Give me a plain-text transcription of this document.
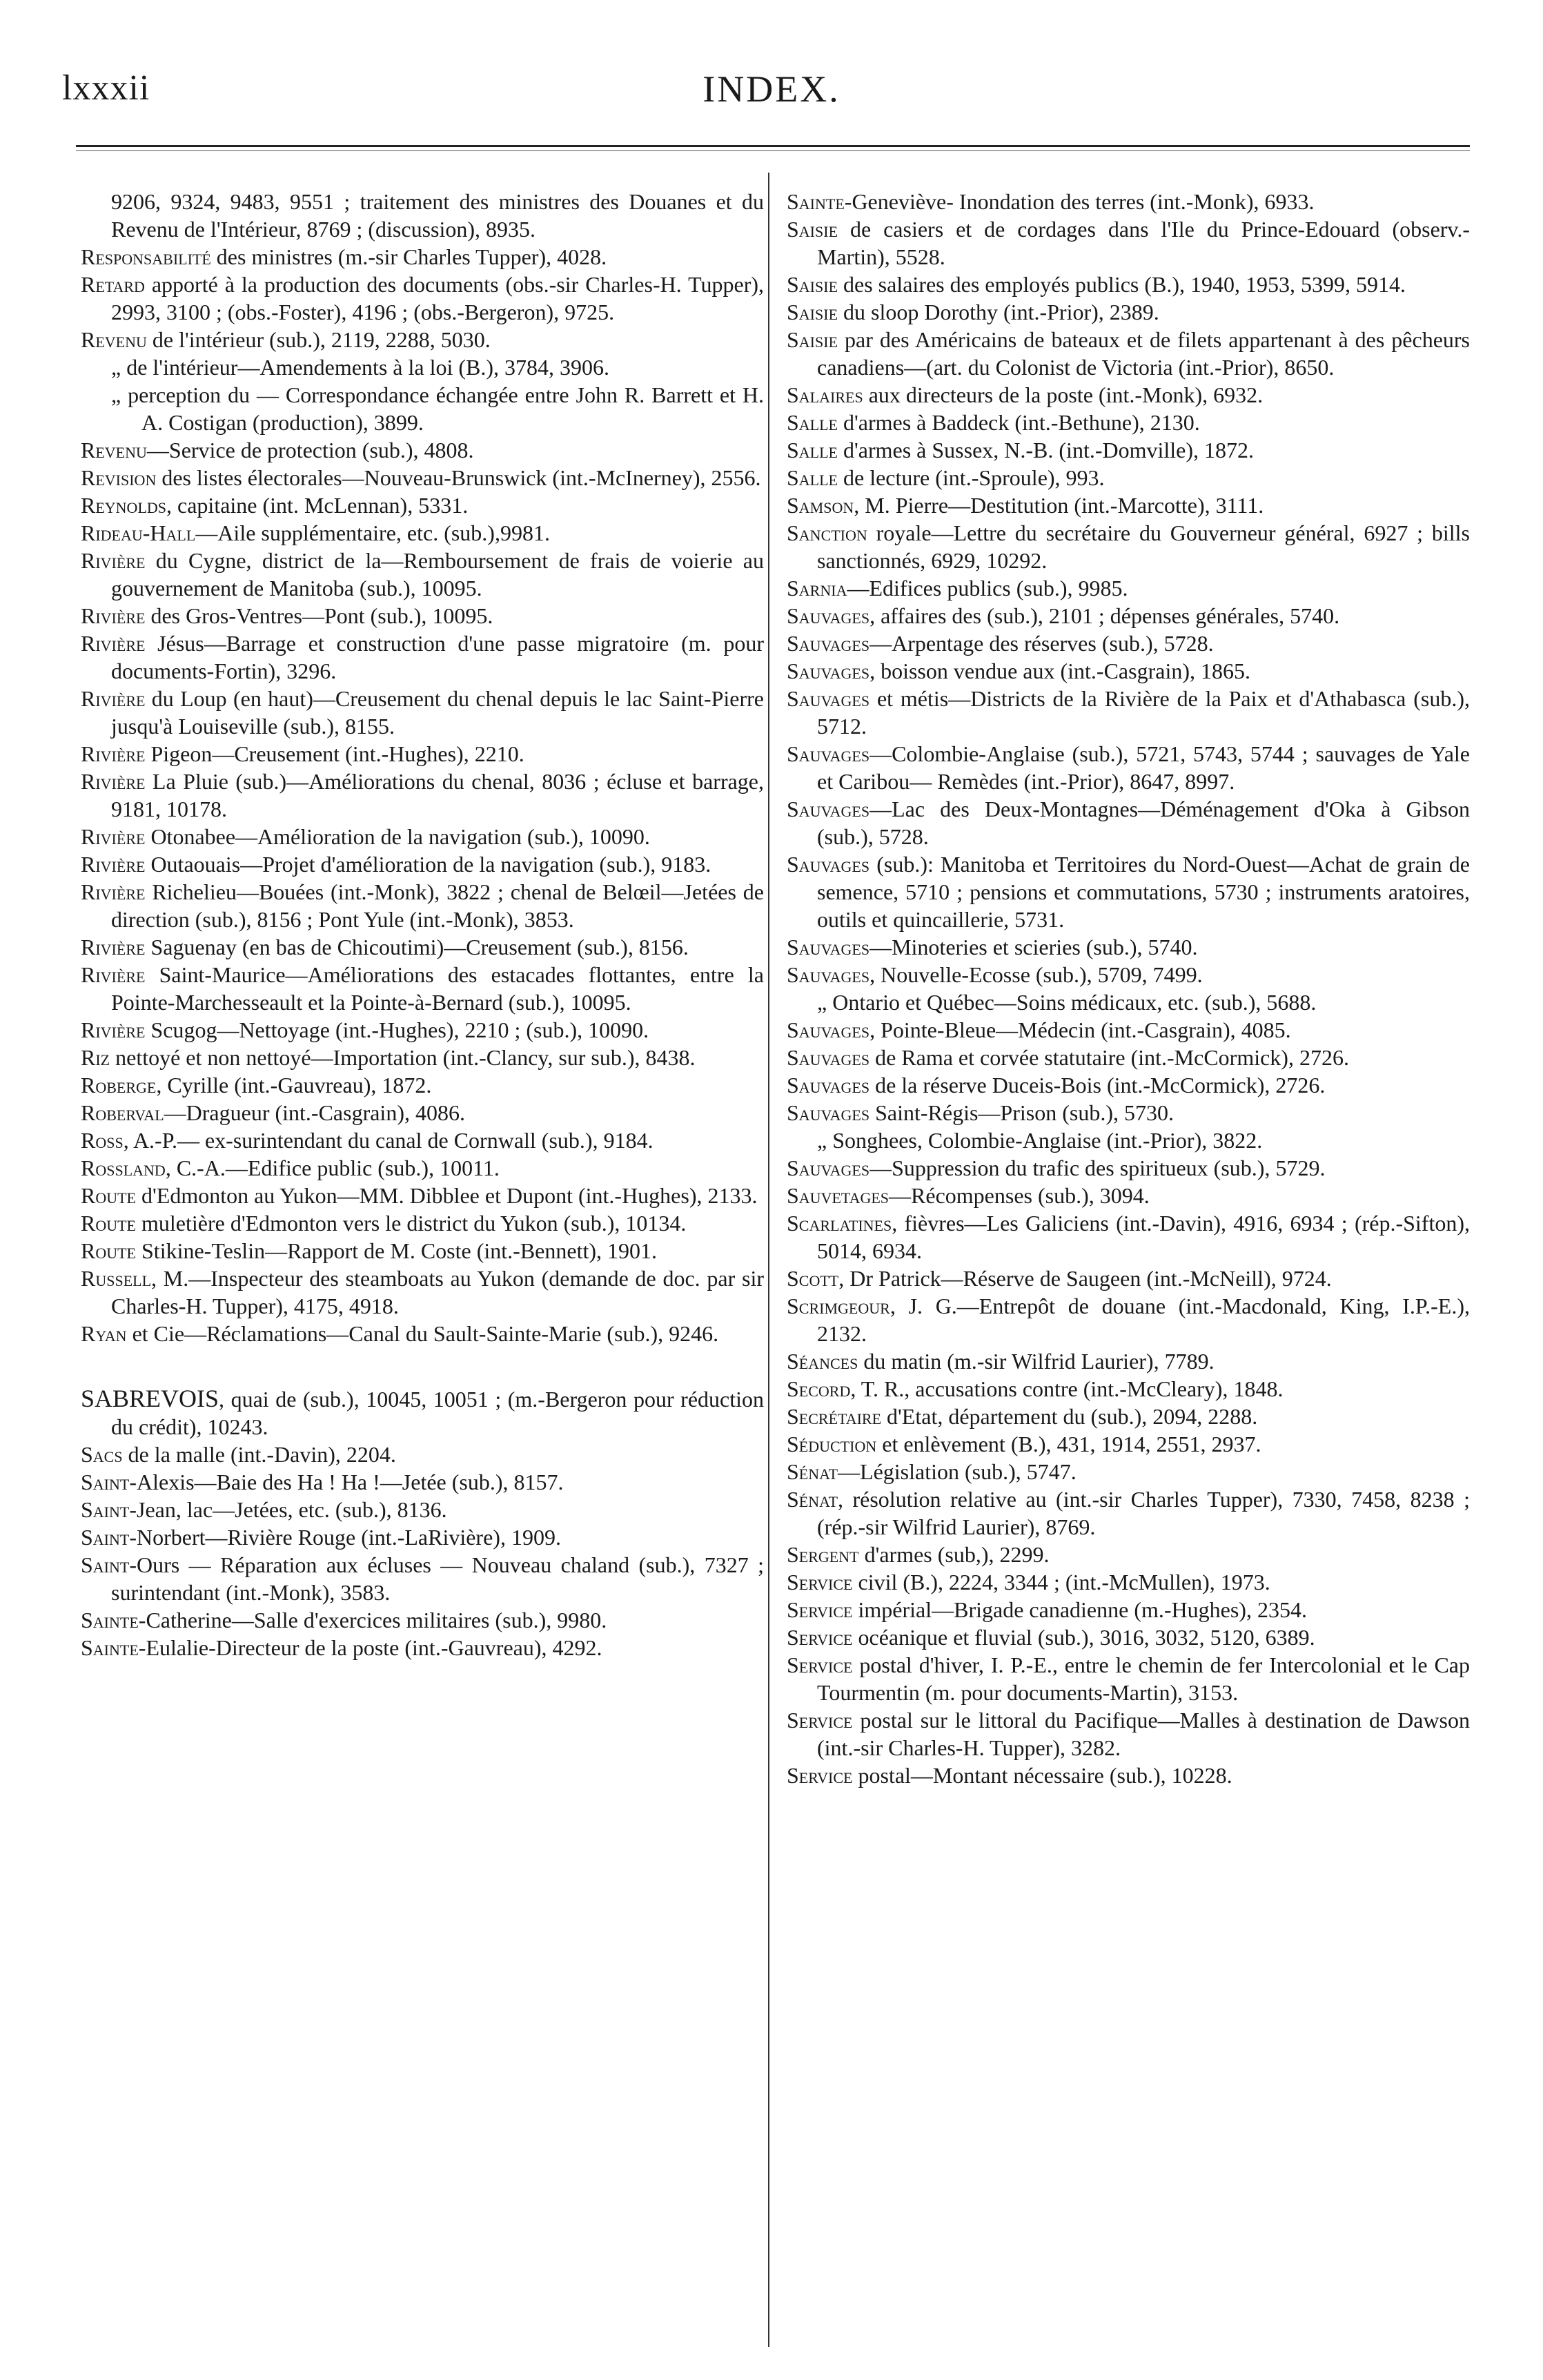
lxxxii	INDEX.

9206, 9324, 9483, 9551 ; traitement des ministres des Douanes et du Revenu de l'Intérieur, 8769 ; (discussion), 8935.

Responsabilité des ministres (m.-sir Charles Tupper), 4028.

Retard apporté à la production des documents (obs.-sir Charles-H. Tupper), 2993, 3100 ; (obs.-Foster), 4196 ; (obs.-Bergeron), 9725.

Revenu de l'intérieur (sub.), 2119, 2288, 5030.

„ de l'intérieur—Amendements à la loi (B.), 3784, 3906.

„ perception du — Correspondance échangée entre John R. Barrett et H. A. Costigan (production), 3899.

Revenu—Service de protection (sub.), 4808.

Revision des listes électorales—Nouveau-Brunswick (int.-McInerney), 2556.

Reynolds, capitaine (int. McLennan), 5331.

Rideau-Hall—Aile supplémentaire, etc. (sub.),9981.

Rivière du Cygne, district de la—Remboursement de frais de voierie au gouvernement de Manitoba (sub.), 10095.

Rivière des Gros-Ventres—Pont (sub.), 10095.

Rivière Jésus—Barrage et construction d'une passe migratoire (m. pour documents-Fortin), 3296.

Rivière du Loup (en haut)—Creusement du chenal depuis le lac Saint-Pierre jusqu'à Louiseville (sub.), 8155.

Rivière Pigeon—Creusement (int.-Hughes), 2210.

Rivière La Pluie (sub.)—Améliorations du chenal, 8036 ; écluse et barrage, 9181, 10178.

Rivière Otonabee—Amélioration de la navigation (sub.), 10090.

Rivière Outaouais—Projet d'amélioration de la navigation (sub.), 9183.

Rivière Richelieu—Bouées (int.-Monk), 3822 ; chenal de Belœil—Jetées de direction (sub.), 8156 ; Pont Yule (int.-Monk), 3853.

Rivière Saguenay (en bas de Chicoutimi)—Creusement (sub.), 8156.

Rivière Saint-Maurice—Améliorations des estacades flottantes, entre la Pointe-Marchesseault et la Pointe-à-Bernard (sub.), 10095.

Rivière Scugog—Nettoyage (int.-Hughes), 2210 ; (sub.), 10090.

Riz nettoyé et non nettoyé—Importation (int.-Clancy, sur sub.), 8438.

Roberge, Cyrille (int.-Gauvreau), 1872.

Roberval—Dragueur (int.-Casgrain), 4086.

Ross, A.-P.— ex-surintendant du canal de Cornwall (sub.), 9184.

Rossland, C.-A.—Edifice public (sub.), 10011.

Route d'Edmonton au Yukon—MM. Dibblee et Dupont (int.-Hughes), 2133.

Route muletière d'Edmonton vers le district du Yukon (sub.), 10134.

Route Stikine-Teslin—Rapport de M. Coste (int.-Bennett), 1901.

Russell, M.—Inspecteur des steamboats au Yukon (demande de doc. par sir Charles-H. Tupper), 4175, 4918.

Ryan et Cie—Réclamations—Canal du Sault-Sainte-Marie (sub.), 9246.

SABREVOIS, quai de (sub.), 10045, 10051 ; (m.-Bergeron pour réduction du crédit), 10243.

Sacs de la malle (int.-Davin), 2204.

Saint-Alexis—Baie des Ha ! Ha !—Jetée (sub.), 8157.

Saint-Jean, lac—Jetées, etc. (sub.), 8136.

Saint-Norbert—Rivière Rouge (int.-LaRivière), 1909.

Saint-Ours — Réparation aux écluses — Nouveau chaland (sub.), 7327 ; surintendant (int.-Monk), 3583.

Sainte-Catherine—Salle d'exercices militaires (sub.), 9980.

Sainte-Eulalie-Directeur de la poste (int.-Gauvreau), 4292.

Sainte-Geneviève- Inondation des terres (int.-Monk), 6933.

Saisie de casiers et de cordages dans l'Ile du Prince-Edouard (observ.-Martin), 5528.

Saisie des salaires des employés publics (B.), 1940, 1953, 5399, 5914.

Saisie du sloop Dorothy (int.-Prior), 2389.

Saisie par des Américains de bateaux et de filets appartenant à des pêcheurs canadiens—(art. du Colonist de Victoria (int.-Prior), 8650.

Salaires aux directeurs de la poste (int.-Monk), 6932.

Salle d'armes à Baddeck (int.-Bethune), 2130.

Salle d'armes à Sussex, N.-B. (int.-Domville), 1872.

Salle de lecture (int.-Sproule), 993.

Samson, M. Pierre—Destitution (int.-Marcotte), 3111.

Sanction royale—Lettre du secrétaire du Gouverneur général, 6927 ; bills sanctionnés, 6929, 10292.

Sarnia—Edifices publics (sub.), 9985.

Sauvages, affaires des (sub.), 2101 ; dépenses générales, 5740.

Sauvages—Arpentage des réserves (sub.), 5728.

Sauvages, boisson vendue aux (int.-Casgrain), 1865.

Sauvages et métis—Districts de la Rivière de la Paix et d'Athabasca (sub.), 5712.

Sauvages—Colombie-Anglaise (sub.), 5721, 5743, 5744 ; sauvages de Yale et Caribou— Remèdes (int.-Prior), 8647, 8997.

Sauvages—Lac des Deux-Montagnes—Déménagement d'Oka à Gibson (sub.), 5728.

Sauvages (sub.): Manitoba et Territoires du Nord-Ouest—Achat de grain de semence, 5710 ; pensions et commutations, 5730 ; instruments aratoires, outils et quincaillerie, 5731.

Sauvages—Minoteries et scieries (sub.), 5740.

Sauvages, Nouvelle-Ecosse (sub.), 5709, 7499.

„ Ontario et Québec—Soins médicaux, etc. (sub.), 5688.

Sauvages, Pointe-Bleue—Médecin (int.-Casgrain), 4085.

Sauvages de Rama et corvée statutaire (int.-McCormick), 2726.

Sauvages de la réserve Duceis-Bois (int.-McCormick), 2726.

Sauvages Saint-Régis—Prison (sub.), 5730.

„ Songhees, Colombie-Anglaise (int.-Prior), 3822.

Sauvages—Suppression du trafic des spiritueux (sub.), 5729.

Sauvetages—Récompenses (sub.), 3094.

Scarlatines, fièvres—Les Galiciens (int.-Davin), 4916, 6934 ; (rép.-Sifton), 5014, 6934.

Scott, Dr Patrick—Réserve de Saugeen (int.-McNeill), 9724.

Scrimgeour, J. G.—Entrepôt de douane (int.-Macdonald, King, I.P.-E.), 2132.

Séances du matin (m.-sir Wilfrid Laurier), 7789.

Secord, T. R., accusations contre (int.-McCleary), 1848.

Secrétaire d'Etat, département du (sub.), 2094, 2288.

Séduction et enlèvement (B.), 431, 1914, 2551, 2937.

Sénat—Législation (sub.), 5747.

Sénat, résolution relative au (int.-sir Charles Tupper), 7330, 7458, 8238 ; (rép.-sir Wilfrid Laurier), 8769.

Sergent d'armes (sub,), 2299.

Service civil (B.), 2224, 3344 ; (int.-McMullen), 1973.

Service impérial—Brigade canadienne (m.-Hughes), 2354.

Service océanique et fluvial (sub.), 3016, 3032, 5120, 6389.

Service postal d'hiver, I. P.-E., entre le chemin de fer Intercolonial et le Cap Tourmentin (m. pour documents-Martin), 3153.

Service postal sur le littoral du Pacifique—Malles à destination de Dawson (int.-sir Charles-H. Tupper), 3282.

Service postal—Montant nécessaire (sub.), 10228.
